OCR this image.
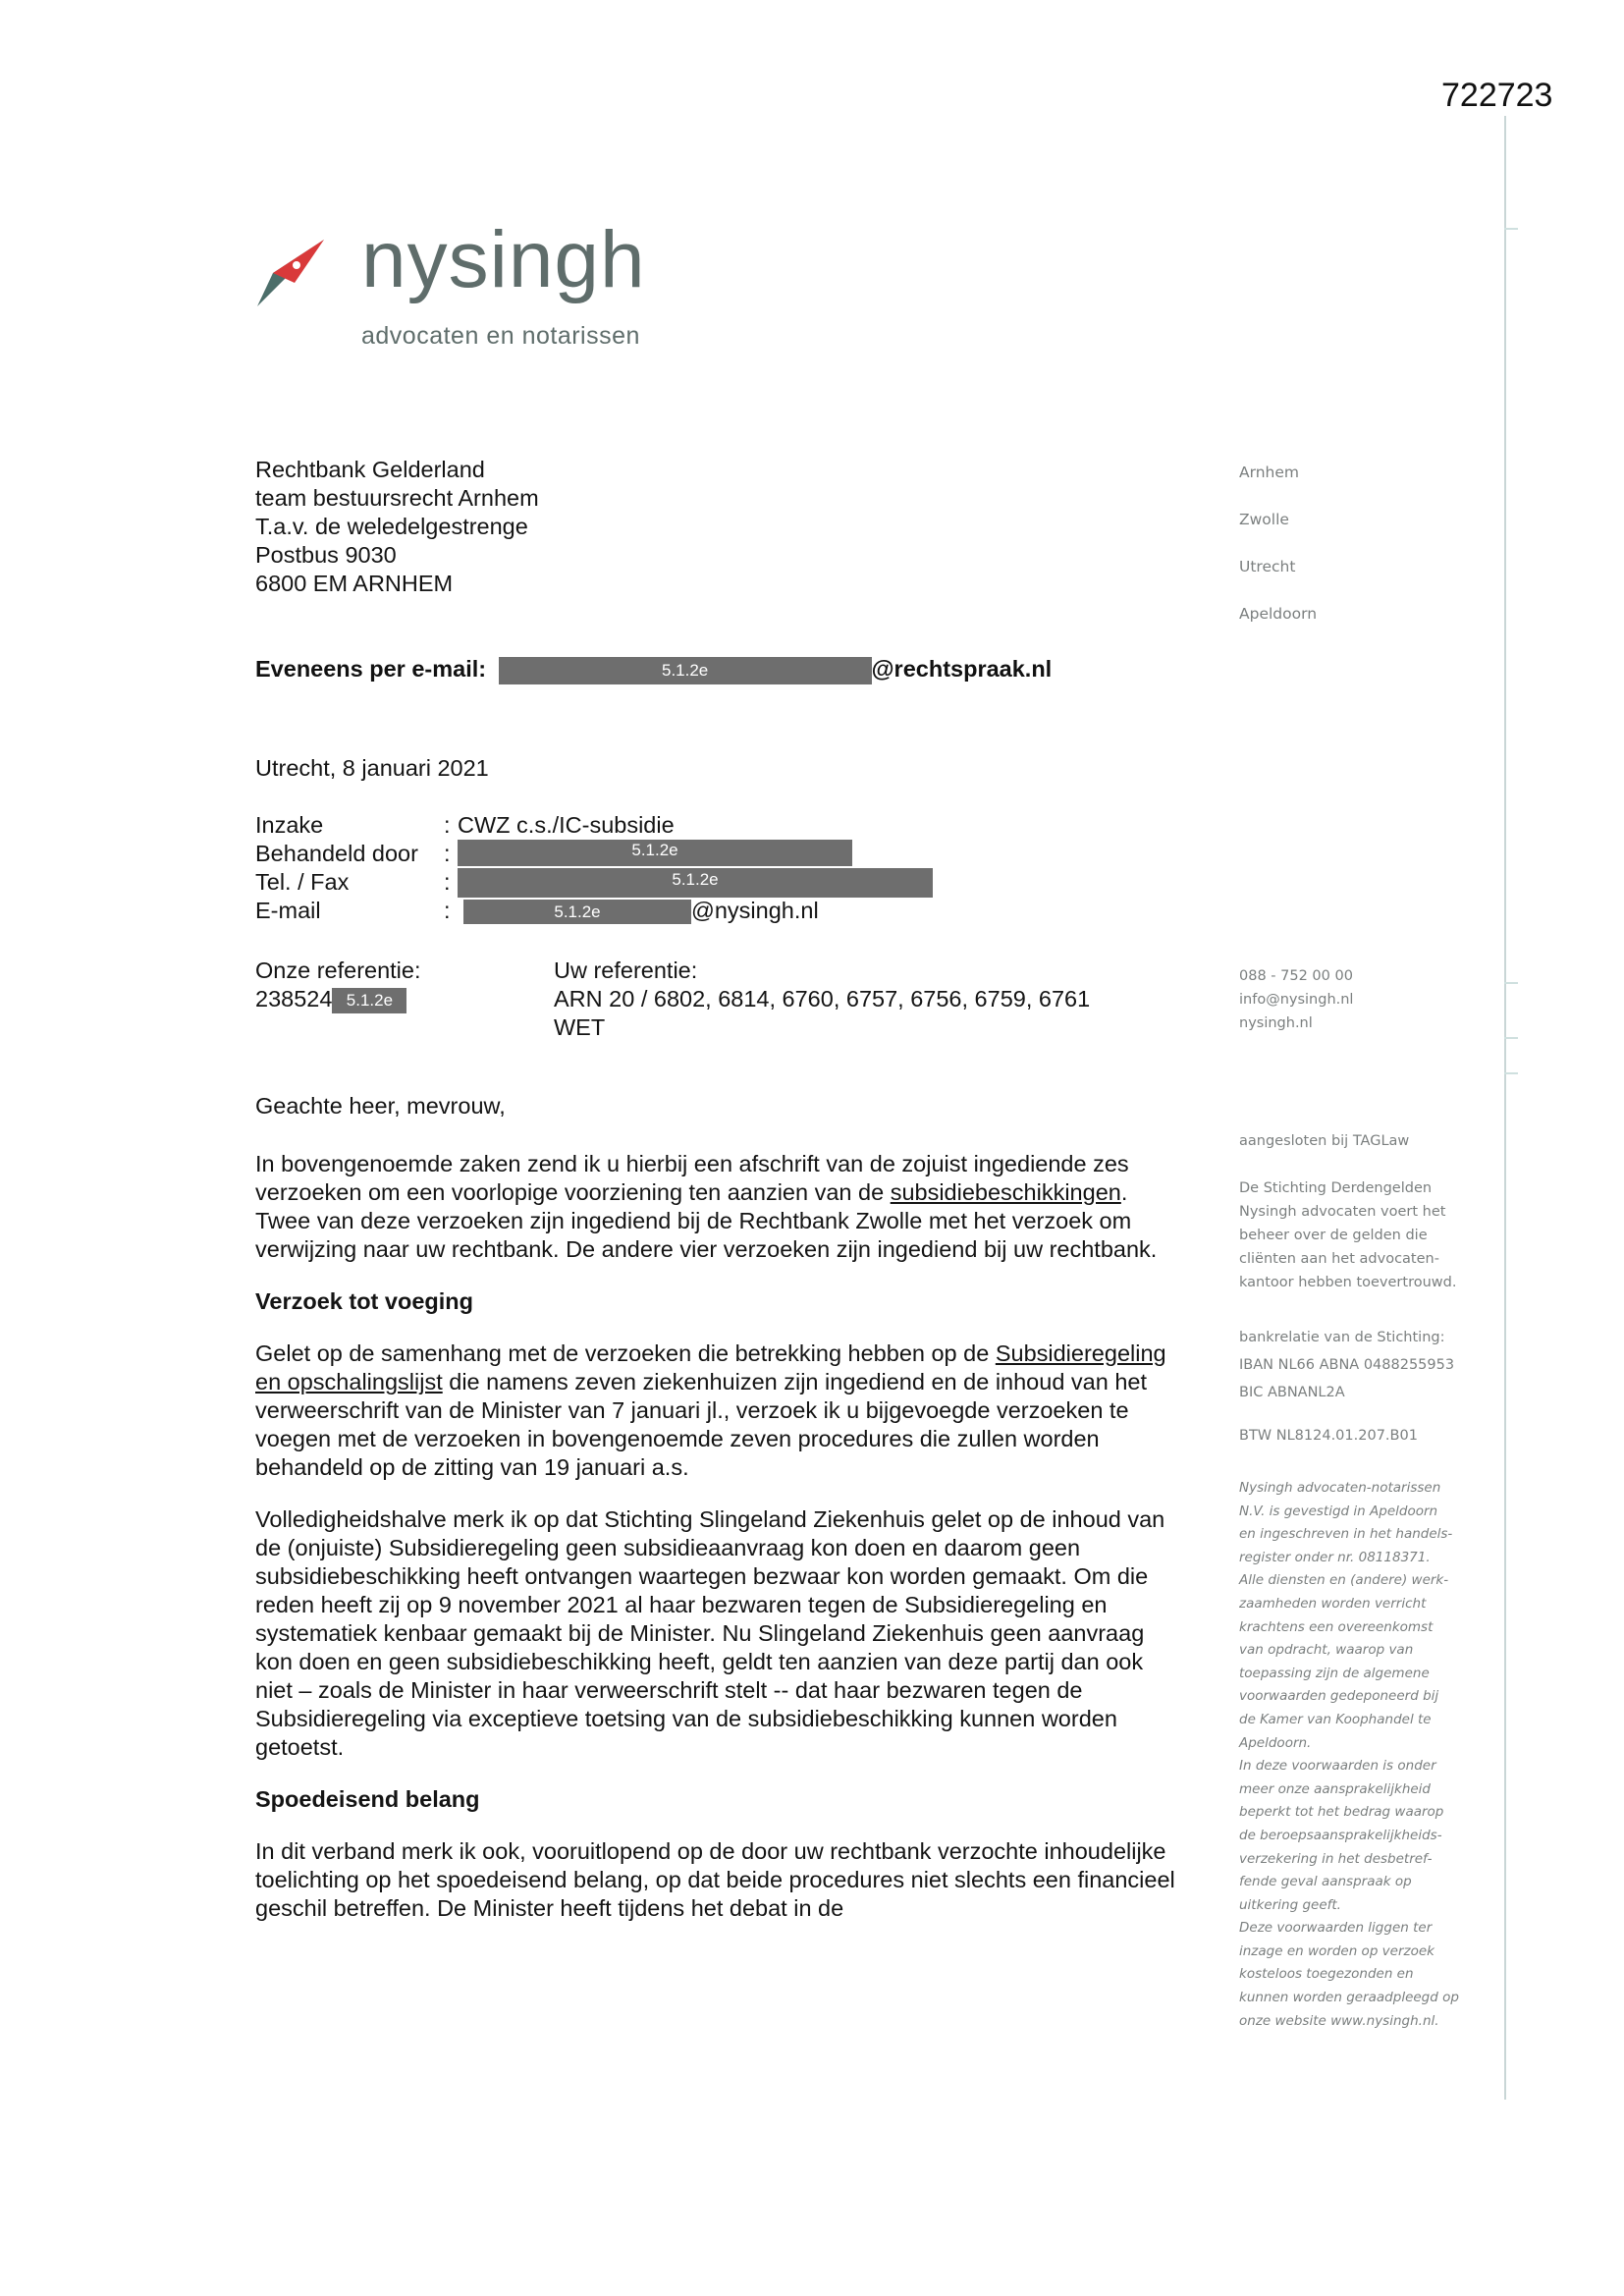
722723
nysingh
advocaten en notarissen
Rechtbank Gelderland
team bestuursrecht Arnhem
T.a.v. de weledelgestrenge
Postbus 9030
6800 EM ARNHEM
Arnhem
Zwolle
Utrecht
Apeldoorn
Eveneens per e-mail:	5.1.2e	@rechtspraak.nl
Utrecht, 8 januari 2021
Inzake	: CWZ c.s./IC-subsidie
Behandeld door :	5.1.2e
Tel. / Fax	:	5.1.2e
E-mail	:	5.1.2e	@nysingh.nl
Onze referentie:
238524 5.1.2e
Uw referentie:
ARN 20 / 6802, 6814, 6760, 6757, 6756, 6759, 6761
WET
088 - 752 00 00
info@nysingh.nl
nysingh.nl
aangesloten bij TAGLaw
De Stichting Derdengelden
Nysingh advocaten voert het
beheer over de gelden die
cliënten aan het advocaten-
kantoor hebben toevertrouwd.
bankrelatie van de Stichting:
IBAN NL66 ABNA 0488255953
BIC ABNANL2A
BTW NL8124.01.207.B01
Nysingh advocaten-notarissen
N.V. is gevestigd in Apeldoorn
en ingeschreven in het handels-
register onder nr. 08118371.
Alle diensten en (andere) werk-
zaamheden worden verricht
krachtens een overeenkomst
van opdracht, waarop van
toepassing zijn de algemene
voorwaarden gedeponeerd bij
de Kamer van Koophandel te
Apeldoorn.
In deze voorwaarden is onder
meer onze aansprakelijkheid
beperkt tot het bedrag waarop
de beroepsaansprakelijkheids-
verzekering in het desbetref-
fende geval aanspraak op
uitkering geeft.
Deze voorwaarden liggen ter
inzage en worden op verzoek
kosteloos toegezonden en
kunnen worden geraadpleegd op
onze website www.nysingh.nl.

Geachte heer, mevrouw,

In bovengenoemde zaken zend ik u hierbij een afschrift van de zojuist ingediende zes verzoeken om een voorlopige voorziening ten aanzien van de subsidiebeschikkingen. Twee van deze verzoeken zijn ingediend bij de Rechtbank Zwolle met het verzoek om verwijzing naar uw rechtbank. De andere vier verzoeken zijn ingediend bij uw rechtbank.

Verzoek tot voeging

Gelet op de samenhang met de verzoeken die betrekking hebben op de Subsidieregeling en opschalingslijst die namens zeven ziekenhuizen zijn ingediend en de inhoud van het verweerschrift van de Minister van 7 januari jl., verzoek ik u bijgevoegde verzoeken te voegen met de verzoeken in bovengenoemde zeven procedures die zullen worden behandeld op de zitting van 19 januari a.s.

Volledigheidshalve merk ik op dat Stichting Slingeland Ziekenhuis gelet op de inhoud van de (onjuiste) Subsidieregeling geen subsidieaanvraag kon doen en daarom geen subsidiebeschikking heeft ontvangen waartegen bezwaar kon worden gemaakt. Om die reden heeft zij op 9 november 2021 al haar bezwaren tegen de Subsidieregeling en systematiek kenbaar gemaakt bij de Minister. Nu Slingeland Ziekenhuis geen aanvraag kon doen en geen subsidiebeschikking heeft, geldt ten aanzien van deze partij dan ook niet – zoals de Minister in haar verweerschrift stelt -- dat haar bezwaren tegen de Subsidieregeling via exceptieve toetsing van de subsidiebeschikking kunnen worden getoetst.

Spoedeisend belang

In dit verband merk ik ook, vooruitlopend op de door uw rechtbank verzochte inhoudelijke toelichting op het spoedeisend belang, op dat beide procedures niet slechts een financieel geschil betreffen. De Minister heeft tijdens het debat in de
